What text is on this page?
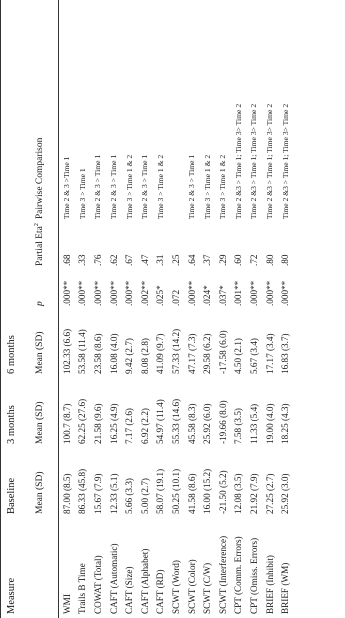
Measure	Baseline	3 months	6 months			
	Mean (SD)	Mean (SD)	Mean (SD)	p	Partial Eta$^2$	Pairwise Comparison
WMI	87.00 (8.5)	100.7 (8.7)	102.33 (6.6)	.000**	.68	Time 2 & 3 >Time 1
Trails B Time	86.33 (45.8)	62.25 (27.6)	53.58 (11.4)	.000**	.33	Time 3 > Time 1
COWAT (Total)	15.67 (7.9)	21.58 (9.6)	23.58 (8.6)	.000**	.76	Time 2 & 3 > Time 1
CAFT (Automatic)	12.33 (5.1)	16.25 (4.9)	16.08 (4.0)	.000**	.62	Time 2 & 3 > Time 1
CAFT (Size)	5.66 (3.3)	7.17 (2.6)	9.42 (2.7)	.000**	.67	Time 3 > Time 1 & 2
CAFT (Alphabet)	5.00 (2.7)	6.92 (2.2)	8.08 (2.8)	.002**	.47	Time 2 & 3 > Time 1
CAFT (RD)	58.07 (19.1)	54.97 (11.4)	41.09 (9.7)	.025*	.31	Time 3 > Time 1 & 2
SCWT (Word)	50.25 (10.1)	55.33 (14.6)	57.33 (14.2)	.072	.25	
SCWT (Color)	41.58 (8.6)	45.58 (8.3)	47.17 (7.3)	.000**	.64	Time 2 & 3 > Time 1
SCWT (C/W)	16.00 (15.2)	25.92 (6.0)	29.58 (6.2)	.024*	.37	Time 3 > Time 1 & 2
SCWT (Interference)	-21.50 (5.2)	-19.66 (8.0)	-17.58 (6.0)	.037*	.29	Time 3 > Time 1 & 2
CPT (Comm. Errors)	12.08 (3.5)	7.58 (3.5)	4.50 (2.1)	.001**	.60	Time 2 &3 > Time 1; Time 3> Time 2
CPT (Omiss. Errors)	21.92 (7.9)	11.33 (5.4)	5.67 (3.4)	.000**	.72	Time 2 &3 > Time 1; Time 3> Time 2
BRIEF (Inhibit)	27.25 (2.7)	19.00 (4.0)	17.17 (3.4)	.000**	.80	Time 2 &3 > Time 1; Time 3> Time 2
BRIEF (WM)	25.92 (3.0)	18.25 (4.3)	16.83 (3.7)	.000**	.80	Time 2 &3 > Time 1; Time 3> Time 2
